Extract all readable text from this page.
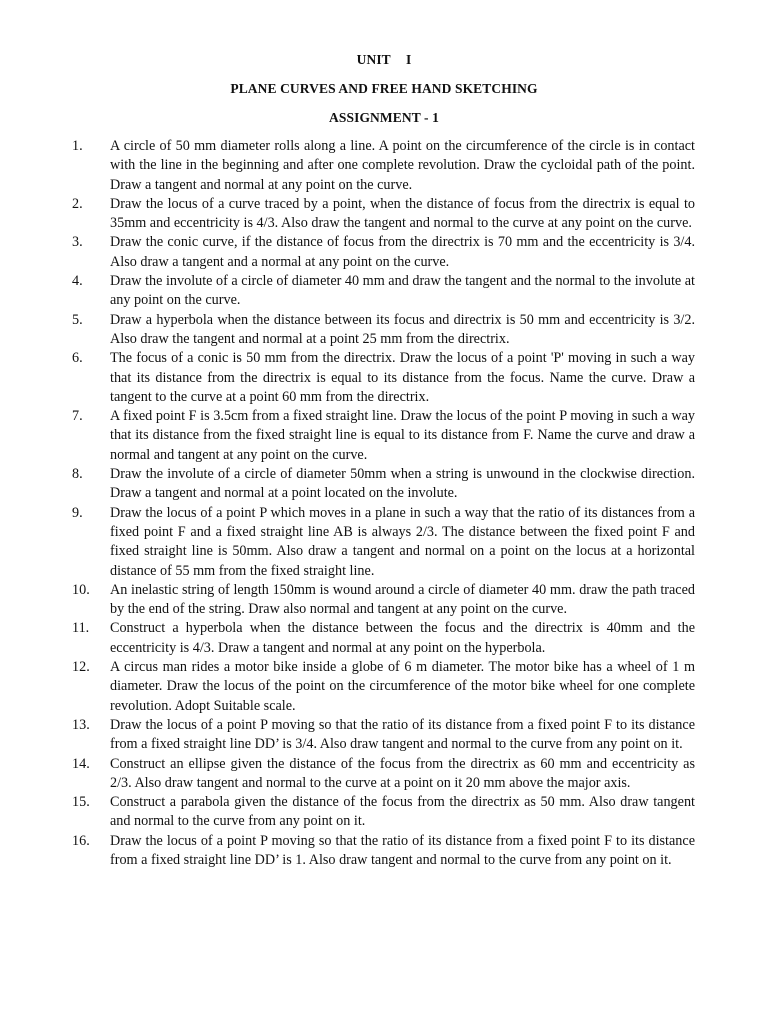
UNIT I
PLANE CURVES AND FREE HAND SKETCHING
ASSIGNMENT - 1
1. A circle of 50 mm diameter rolls along a line. A point on the circumference of the circle is in contact with the line in the beginning and after one complete revolution. Draw the cycloidal path of the point. Draw a tangent and normal at any point on the curve.
2. Draw the locus of a curve traced by a point, when the distance of focus from the directrix is equal to 35mm and eccentricity is 4/3. Also draw the tangent and normal to the curve at any point on the curve.
3. Draw the conic curve, if the distance of focus from the directrix is 70 mm and the eccentricity is 3/4. Also draw a tangent and a normal at any point on the curve.
4. Draw the involute of a circle of diameter 40 mm and draw the tangent and the normal to the involute at any point on the curve.
5. Draw a hyperbola when the distance between its focus and directrix is 50 mm and eccentricity is 3/2. Also draw the tangent and normal at a point 25 mm from the directrix.
6. The focus of a conic is 50 mm from the directrix. Draw the locus of a point 'P' moving in such a way that its distance from the directrix is equal to its distance from the focus. Name the curve. Draw a tangent to the curve at a point 60 mm from the directrix.
7. A fixed point F is 3.5cm from a fixed straight line. Draw the locus of the point P moving in such a way that its distance from the fixed straight line is equal to its distance from F. Name the curve and draw a normal and tangent at any point on the curve.
8. Draw the involute of a circle of diameter 50mm when a string is unwound in the clockwise direction. Draw a tangent and normal at a point located on the involute.
9. Draw the locus of a point P which moves in a plane in such a way that the ratio of its distances from a fixed point F and a fixed straight line AB is always 2/3. The distance between the fixed point F and fixed straight line is 50mm. Also draw a tangent and normal on a point on the locus at a horizontal distance of 55 mm from the fixed straight line.
10. An inelastic string of length 150mm is wound around a circle of diameter 40 mm. draw the path traced by the end of the string. Draw also normal and tangent at any point on the curve.
11. Construct a hyperbola when the distance between the focus and the directrix is 40mm and the eccentricity is 4/3. Draw a tangent and normal at any point on the hyperbola.
12. A circus man rides a motor bike inside a globe of 6 m diameter. The motor bike has a wheel of 1 m diameter. Draw the locus of the point on the circumference of the motor bike wheel for one complete revolution. Adopt Suitable scale.
13. Draw the locus of a point P moving so that the ratio of its distance from a fixed point F to its distance from a fixed straight line DD’ is 3/4. Also draw tangent and normal to the curve from any point on it.
14. Construct an ellipse given the distance of the focus from the directrix as 60 mm and eccentricity as 2/3. Also draw tangent and normal to the curve at a point on it 20 mm above the major axis.
15. Construct a parabola given the distance of the focus from the directrix as 50 mm. Also draw tangent and normal to the curve from any point on it.
16. Draw the locus of a point P moving so that the ratio of its distance from a fixed point F to its distance from a fixed straight line DD’ is 1. Also draw tangent and normal to the curve from any point on it.
